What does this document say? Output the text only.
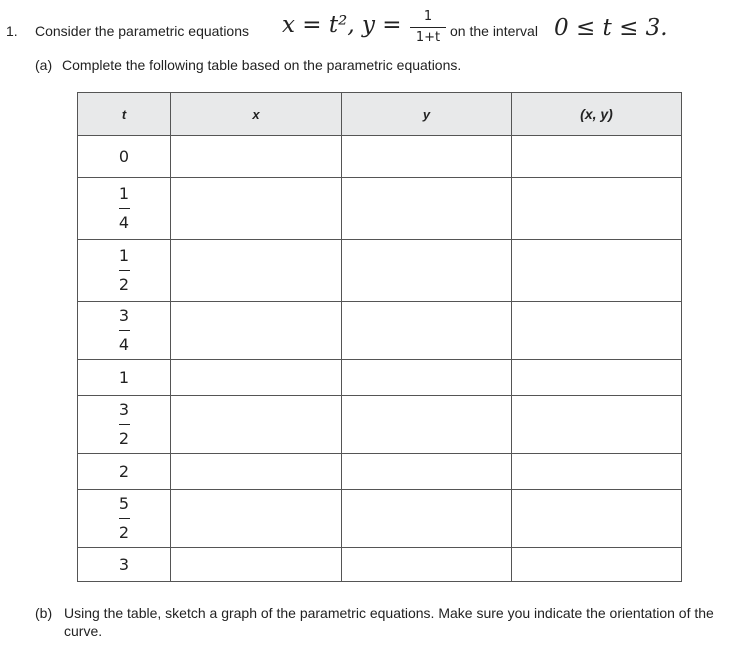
1. Consider the parametric equations x = t², y =	1
1+t on the interval 0 ≤ t ≤ 3.
(a) Complete the following table based on the parametric equations.
t	x	y	(x, y)
0			

$\frac{1}{4}$

$\frac{1}{2}$

$\frac{3}{4}$

1			

$\frac{3}{2}$

2			

$\frac{5}{2}$

3			
(b) Using the table, sketch a graph of the parametric equations. Make sure you indicate the orientation of the curve.
